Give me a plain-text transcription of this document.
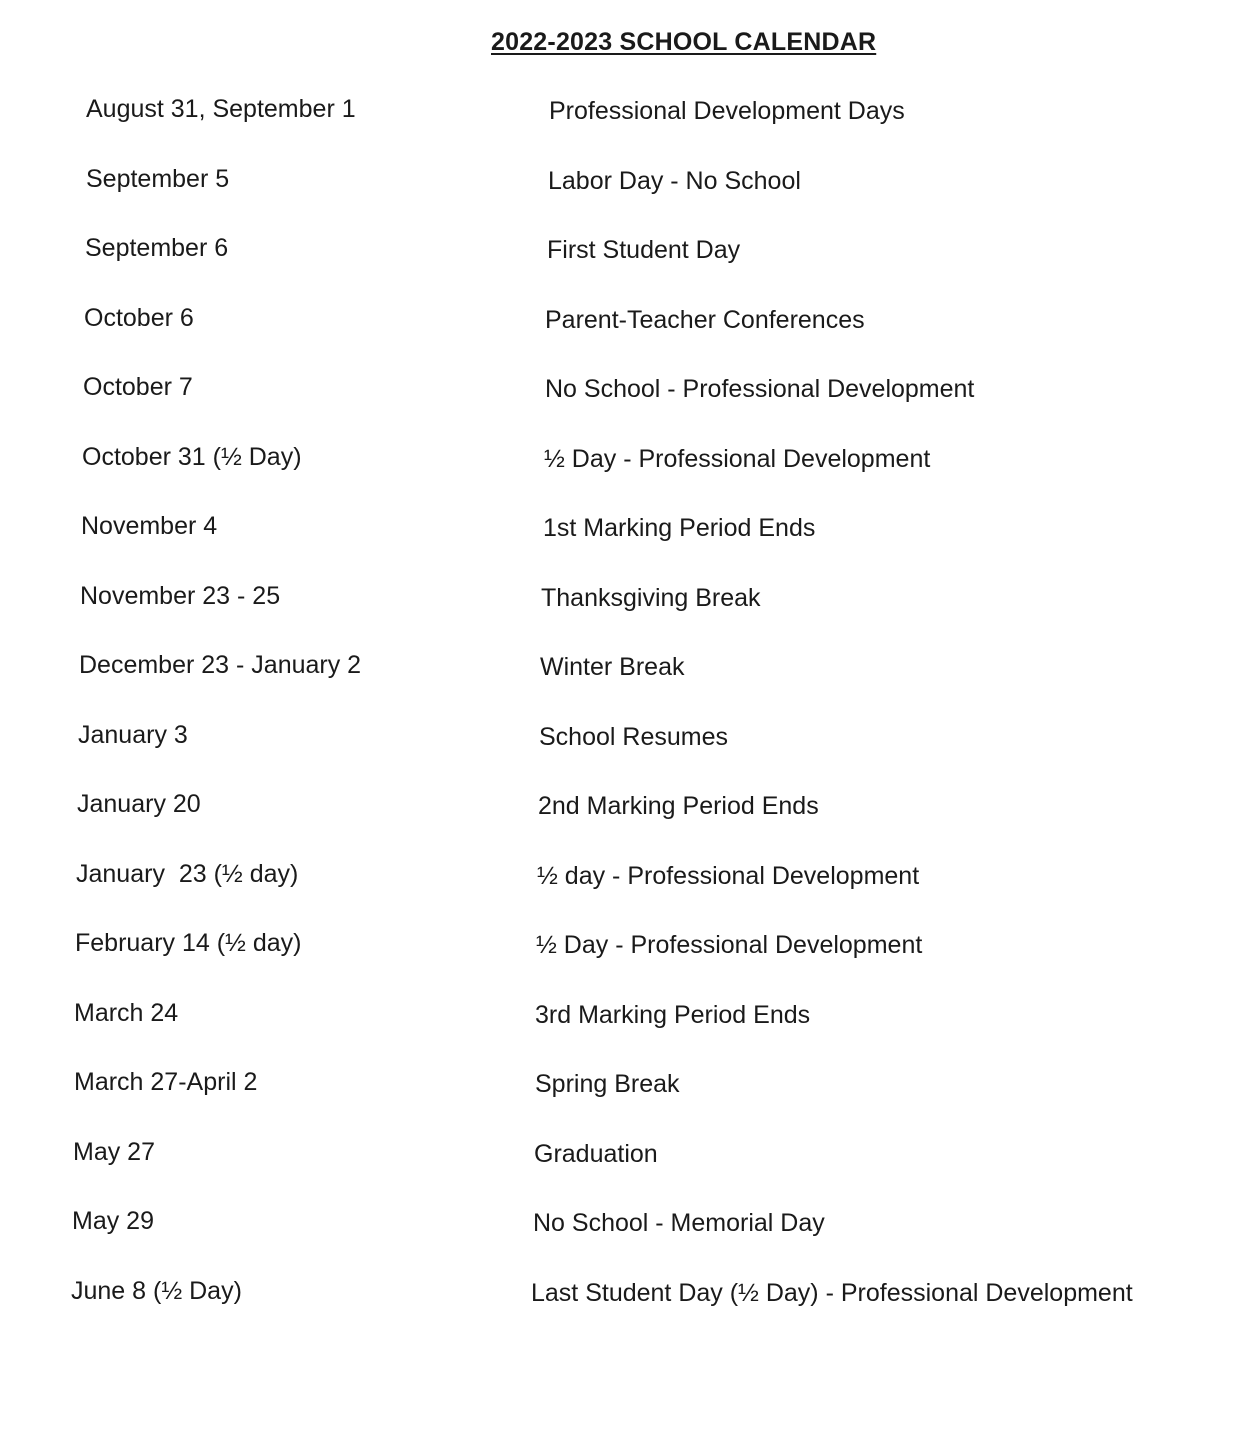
2022-2023 SCHOOL CALENDAR
August 31, September 1	Professional Development Days
September 5	Labor Day - No School
September 6	First Student Day
October 6	Parent-Teacher Conferences
October 7	No School - Professional Development
October 31 (½ Day)	½ Day - Professional Development
November 4	1st Marking Period Ends
November 23 - 25	Thanksgiving Break
December 23 - January 2	Winter Break
January 3	School Resumes
January 20	2nd Marking Period Ends
January  23 (½ day)	½ day - Professional Development
February 14 (½ day)	½ Day - Professional Development
March 24	3rd Marking Period Ends
March 27-April 2	Spring Break
May 27	Graduation
May 29	No School - Memorial Day
June 8 (½ Day)	Last Student Day (½ Day) - Professional Development
